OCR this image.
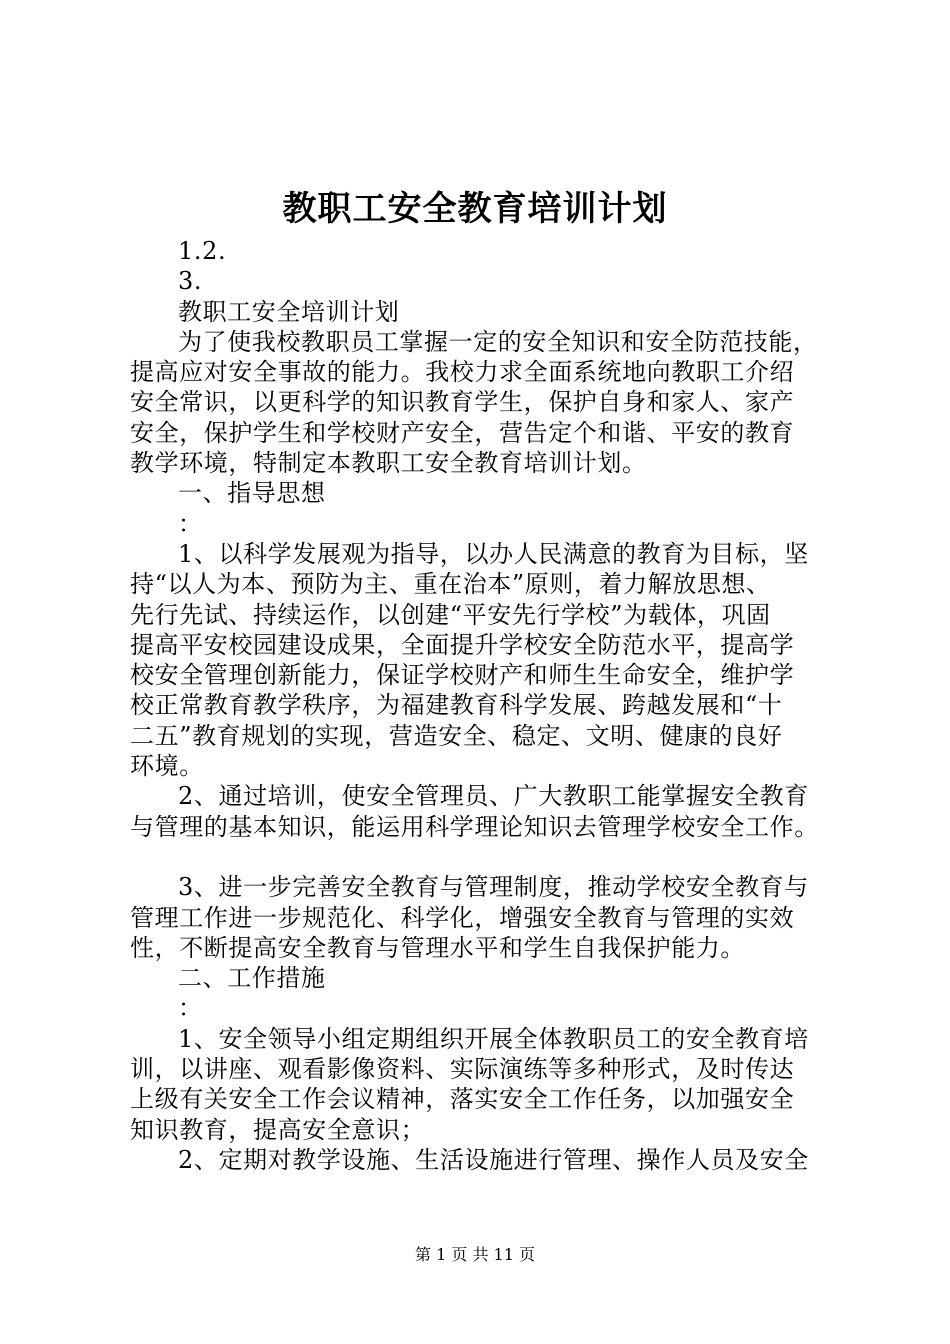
教职工安全教育培训计划
1.2.
3.
教职工安全培训计划
为了使我校教职员工掌握一定的安全知识和安全防范技能，
提高应对安全事故的能力。我校力求全面系统地向教职工介绍
安全常识，以更科学的知识教育学生，保护自身和家人、家产
安全，保护学生和学校财产安全，营告定个和谐、平安的教育
教学环境，特制定本教职工安全教育培训计划。
一、指导思想
：
1、以科学发展观为指导，以办人民满意的教育为目标，坚
持“以人为本、预防为主、重在治本”原则，着力解放思想、
先行先试、持续运作，以创建“平安先行学校”为载体，巩固
提高平安校园建设成果，全面提升学校安全防范水平，提高学
校安全管理创新能力，保证学校财产和师生生命安全，维护学
校正常教育教学秩序，为福建教育科学发展、跨越发展和“十
二五”教育规划的实现，营造安全、稳定、文明、健康的良好
环境。
2、通过培训，使安全管理员、广大教职工能掌握安全教育
与管理的基本知识，能运用科学理论知识去管理学校安全工作。
3、进一步完善安全教育与管理制度，推动学校安全教育与
管理工作进一步规范化、科学化，增强安全教育与管理的实效
性，不断提高安全教育与管理水平和学生自我保护能力。
二、工作措施
：
1、安全领导小组定期组织开展全体教职员工的安全教育培
训，以讲座、观看影像资料、实际演练等多种形式，及时传达
上级有关安全工作会议精神，落实安全工作任务，以加强安全
知识教育，提高安全意识；
2、定期对教学设施、生活设施进行管理、操作人员及安全
第 1 页 共 11 页
